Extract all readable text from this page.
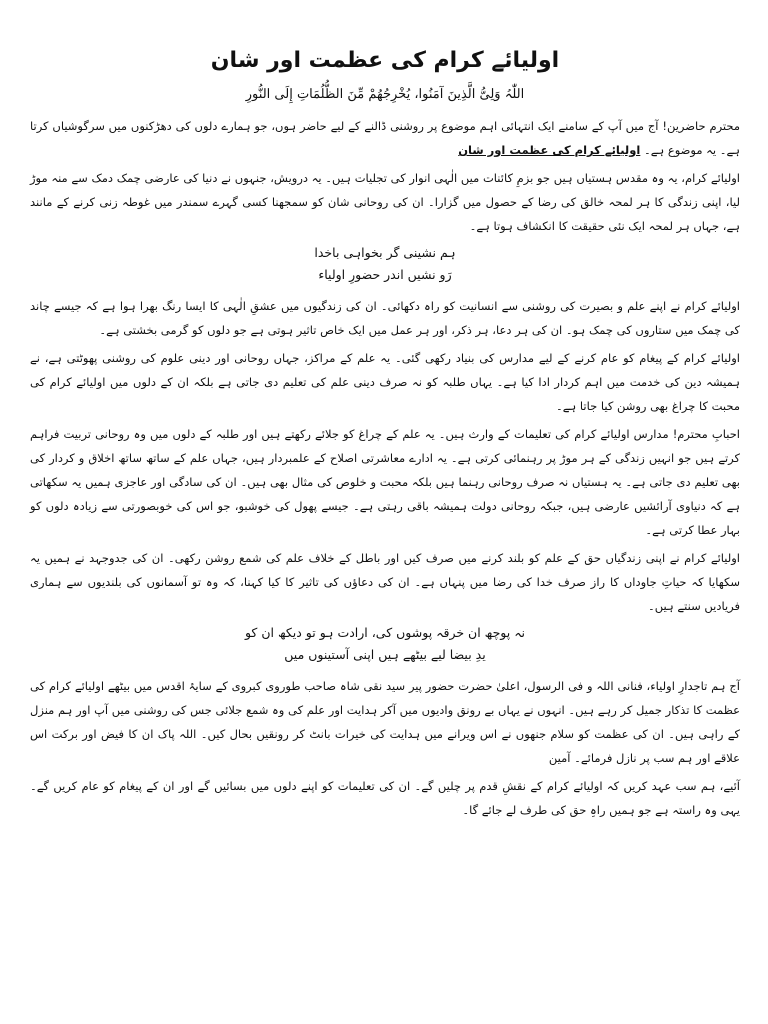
اولیائے کرام کی عظمت اور شان
اللّٰہُ وَلِیُّ الَّذِینَ آمَنُوا، یُخْرِجُھُمْ مِّنَ الظُّلُمَاتِ إِلَى النُّورِ

محترم حاضرین! آج میں آپ کے سامنے ایک انتہائی اہم موضوع پر روشنی ڈالنے کے لیے حاضر ہوں، جو ہمارے دلوں کی دھڑکنوں میں سرگوشیاں کرتا ہے۔ یہ موضوع ہے۔ اولیائے کرام کی عظمت اور شان

اولیائے کرام، یہ وہ مقدس ہستیاں ہیں جو بزمِ کائنات میں الٰہی انوار کی تجلیات ہیں۔ یہ درویش، جنہوں نے دنیا کی عارضی چمک دمک سے منہ موڑ لیا، اپنی زندگی کا ہر لمحہ خالق کی رضا کے حصول میں گزارا۔ ان کی روحانی شان کو سمجھنا کسی گہرے سمندر میں غوطہ زنی کرنے کے مانند ہے، جہاں ہر لمحہ ایک نئی حقیقت کا انکشاف ہوتا ہے۔

ہم نشینی گر بخواہی باخدا
رَو نشیں اندر حضورِ اولیاء

اولیائے کرام نے اپنے علم و بصیرت کی روشنی سے انسانیت کو راہ دکھائی۔ ان کی زندگیوں میں عشقِ الٰہی کا ایسا رنگ بھرا ہوا ہے کہ جیسے چاند کی چمک میں ستاروں کی چمک ہو۔ ان کی ہر دعا، ہر ذکر، اور ہر عمل میں ایک خاص تاثیر ہوتی ہے جو دلوں کو گرمی بخشتی ہے۔

اولیائے کرام کے پیغام کو عام کرنے کے لیے مدارس کی بنیاد رکھی گئی۔ یہ علم کے مراکز، جہاں روحانی اور دینی علوم کی روشنی پھوٹتی ہے، نے ہمیشہ دین کی خدمت میں اہم کردار ادا کیا ہے۔ یہاں طلبہ کو نہ صرف دینی علم کی تعلیم دی جاتی ہے بلکہ ان کے دلوں میں اولیائے کرام کی محبت کا چراغ بھی روشن کیا جاتا ہے۔

احبابِ محترم! مدارس اولیائے کرام کی تعلیمات کے وارث ہیں۔ یہ علم کے چراغ کو جلائے رکھتے ہیں اور طلبہ کے دلوں میں وہ روحانی تربیت فراہم کرتے ہیں جو انہیں زندگی کے ہر موڑ پر رہنمائی کرتی ہے۔ یہ ادارے معاشرتی اصلاح کے علمبردار ہیں، جہاں علم کے ساتھ ساتھ اخلاق و کردار کی بھی تعلیم دی جاتی ہے۔ یہ ہستیاں نہ صرف روحانی رہنما ہیں بلکہ محبت و خلوص کی مثال بھی ہیں۔ ان کی سادگی اور عاجزی ہمیں یہ سکھاتی ہے کہ دنیاوی آرائشیں عارضی ہیں، جبکہ روحانی دولت ہمیشہ باقی رہتی ہے۔ جیسے پھول کی خوشبو، جو اس کی خوبصورتی سے زیادہ دلوں کو بہار عطا کرتی ہے۔

اولیائے کرام نے اپنی زندگیاں حق کے علم کو بلند کرنے میں صرف کیں اور باطل کے خلاف علم کی شمع روشن رکھی۔ ان کی جدوجہد نے ہمیں یہ سکھایا کہ حیاتِ جاوداں کا راز صرف خدا کی رضا میں پنہاں ہے۔ ان کی دعاؤں کی تاثیر کا کیا کہنا، کہ وہ تو آسمانوں کی بلندیوں سے ہماری فریادیں سنتے ہیں۔

نہ پوچھ ان خرقہ پوشوں کی، ارادت ہو تو دیکھ ان کو
یدِ بیضا لیے بیٹھے ہیں اپنی آستینوں میں

آج ہم تاجدارِ اولیاء، فنانی اللہ و فی الرسول، اعلیٰ حضرت حضور پیر سید نقی شاہ صاحب طوروی کبروی کے سایۂ اقدس میں بیٹھے اولیائے کرام کی عظمت کا تذکار جمیل کر رہے ہیں۔ انہوں نے یہاں بے رونق وادیوں میں آکر ہدایت اور علم کی وہ شمع جلائی جس کی روشنی میں آپ اور ہم منزل کے راہی ہیں۔ ان کی عظمت کو سلام جنھوں نے اس ویرانے میں ہدایت کی خیرات بانٹ کر رونقیں بحال کیں۔ اللہ پاک ان کا فیض اور برکت اس علاقے اور ہم سب پر نازل فرمائے۔ آمین

آئیے، ہم سب عہد کریں کہ اولیائے کرام کے نقشِ قدم پر چلیں گے۔ ان کی تعلیمات کو اپنے دلوں میں بسائیں گے اور ان کے پیغام کو عام کریں گے۔ یہی وہ راستہ ہے جو ہمیں راہِ حق کی طرف لے جائے گا۔
